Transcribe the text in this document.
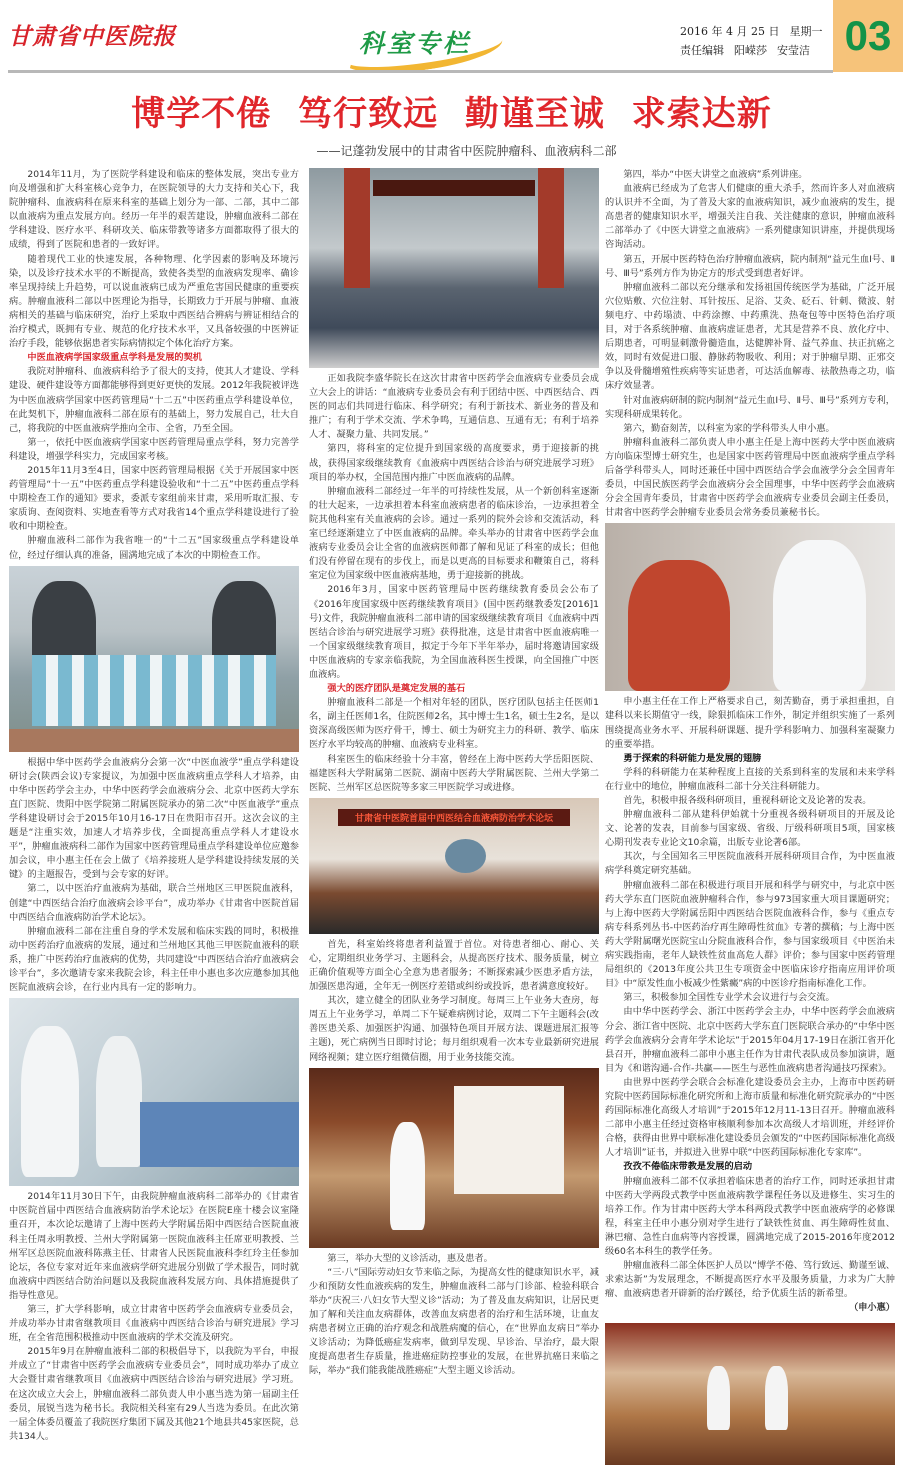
甘肃省中医院报	科室专栏	2016 年 4 月 25 日 星期一
责任编辑 阳嵘莎 安莹洁 03
博学不倦 笃行致远 勤谨至诚 求索达新
——记蓬勃发展中的甘肃省中医院肿瘤科、血液病科二部

2014年11月，为了医院学科建设和临床的整体发展，突出专业方向及增强和扩大科室核心竞争力，在医院领导的大力支持和关心下，我院肿瘤科、血液病科在原来科室的基础上划分为一部、二部，其中二部以血液病为重点发展方向。经历一年半的艰苦建设，肿瘤血液科二部在学科建设、医疗水平、科研攻关、临床带教等诸多方面都取得了很大的成绩，得到了医院和患者的一致好评。

随着现代工业的快速发展，各种物理、化学因素的影响及环境污染，以及诊疗技术水平的不断提高，致使各类型的血液病发现率、确诊率呈现持续上升趋势，可以说血液病已成为严重危害国民健康的重要疾病。肿瘤血液科二部以中医理论为指导，长期致力于开展与肿瘤、血液病相关的基础与临床研究，治疗上采取中西医结合辨病与辨证相结合的治疗模式，既拥有专业、规范的化疗技术水平，又具备较强的中医辨证治疗手段，能够依据患者实际病情拟定个体化治疗方案。

中医血液病学国家级重点学科是发展的契机

我院对肿瘤科、血液病科给予了很大的支持，使其人才建设、学科建设、硬件建设等方面都能够得到更好更快的发展。2012年我院被评选为中医血液病学国家中医药管理局“十二五”中医药重点学科建设单位，在此契机下，肿瘤血液科二部在原有的基础上，努力发展自己，壮大自己，将我院的中医血液病学推向全市、全省，乃至全国。

第一，依托中医血液病学国家中医药管理局重点学科，努力完善学科建设，增强学科实力，完成国家考核。

2015年11月3至4日，国家中医药管理局根据《关于开展国家中医药管理局“十一五”中医药重点学科建设验收和“十二五”中医药重点学科中期检查工作的通知》要求，委派专家组前来甘肃，采用听取汇报、专家质询、查阅资料、实地查看等方式对我省14个重点学科建设进行了验收和中期检查。

肿瘤血液科二部作为我省唯一的“十二五”国家级重点学科建设单位，经过仔细认真的准备，圆满地完成了本次的中期检查工作。

根据中华中医药学会血液病分会第一次“中医血液学”重点学科建设研讨会(陕西会议)专家提议，为加强中医血液病重点学科人才培养，由中华中医药学会主办，中华中医药学会血液病分会、北京中医药大学东直门医院、贵阳中医学院第二附属医院承办的第二次“中医血液学”重点学科建设研讨会于2015年10月16-17日在贵阳市召开。这次会议的主题是“注重实效，加速人才培养步伐，全面提高重点学科人才建设水平”，肿瘤血液病科二部作为国家中医药管理局重点学科建设单位应邀参加会议，申小惠主任在会上做了《培养接班人是学科建设持续发展的关键》的主题报告，受到与会专家的好评。

第二，以中医治疗血液病为基础，联合兰州地区三甲医院血液科，创建“中西医结合治疗血液病会诊平台”，成功举办《甘肃省中医院首届中西医结合血液病防治学术论坛》。

肿瘤血液科二部在注重自身的学术发展和临床实践的同时，积极推动中医药治疗血液病的发展，通过和兰州地区其他三甲医院血液科的联系，推广中医药治疗血液病的优势，共同建设“中西医结合治疗血液病会诊平台”，多次邀请专家来我院会诊，科主任申小惠也多次应邀参加其他医院血液病会诊，在行业内具有一定的影响力。

2014年11月30日下午，由我院肿瘤血液病科二部举办的《甘肃省中医院首届中西医结合血液病防治学术论坛》在医院E座十楼会议室隆重召开，本次论坛邀请了上海中医药大学附属岳阳中西医结合医院血液科主任周永明教授、兰州大学附属第一医院血液科主任席亚明教授、兰州军区总医院血液科陈燕主任、甘肃省人民医院血液科李红玲主任参加论坛，各位专家对近年来血液病学研究进展分别做了学术报告，同时就血液病中西医结合防治问题以及我院血液科发展方向、具体措施提供了指导性意见。

第三，扩大学科影响，成立甘肃省中医药学会血液病专业委员会，并成功举办甘肃省继教项目《血液病中西医结合诊治与研究进展》学习班，在全省范围积极推动中医血液病的学术交流及研究。

2015年9月在肿瘤血液科二部的积极倡导下，以我院为平台，申报并成立了“甘肃省中医药学会血液病专业委员会”，同时成功举办了成立大会暨甘肃省继教项目《血液病中西医结合诊治与研究进展》学习班。在这次成立大会上，肿瘤血液科二部负责人申小惠当选为第一届副主任委员，展锐当选为秘书长。我院相关科室有29人当选为委员。在此次第一届全体委员覆盖了我院医疗集团下属及其他21个地县共45家医院，总共134人。

正如我院李盛华院长在这次甘肃省中医药学会血液病专业委员会成立大会上的讲话：“血液病专业委员会有利于团结中医、中西医结合、西医的同志们共同进行临床、科学研究；有利于新技术、新业务的普及和推广；有利于学术交流、学术争鸣，互通信息、互通有无；有利于培养人才、凝聚力量、共同发展。”

第四，将科室的定位提升到国家级的高度要求，勇于迎接新的挑战，获得国家级继续教育《血液病中西医结合诊治与研究进展学习班》项目的举办权，全国范围内推广中医血液病的品牌。

肿瘤血液科二部经过一年半的可持续性发展，从一个新创科室逐渐的壮大起来，一边承担着本科室血液病患者的临床诊治，一边承担着全院其他科室有关血液病的会诊。通过一系列的院外会诊和交流活动，科室已经逐渐建立了中医血液病的品牌。牵头举办的甘肃省中医药学会血液病专业委员会让全省的血液病医师都了解和见证了科室的成长；但他们没有停留在现有的步伐上，而是以更高的目标要求和鞭策自己，将科室定位为国家级中医血液病基地，勇于迎接新的挑战。

2016年3月，国家中医药管理局中医药继续教育委员会公布了《2016年度国家级中医药继续教育项目》(国中医药继教委发[2016]1号)文件，我院肿瘤血液科二部申请的国家级继续教育项目《血液病中西医结合诊治与研究进展学习班》获得批准，这是甘肃省中医血液病唯一一个国家级继续教育项目，拟定于今年下半年举办，届时将邀请国家级中医血液病的专家亲临我院，为全国血液科医生授课，向全国推广中医血液病。

强大的医疗团队是奠定发展的基石

肿瘤血液科二部是一个相对年轻的团队，医疗团队包括主任医师1名，副主任医师1名，住院医师2名，其中博士生1名，硕士生2名，是以资深高级医师为医疗骨干，博士、硕士为研究主力的科研、教学、临床医疗水平均较高的肿瘤、血液病专业科室。

科室医生的临床经验十分丰富，曾经在上海中医药大学岳阳医院、福建医科大学附属第二医院、湖南中医药大学附属医院、兰州大学第二医院、兰州军区总医院等多家三甲医院学习或进修。

甘肃省中医院首届中西医结合血液病防治学术论坛

首先，科室始终将患者利益置于首位。对待患者细心、耐心、关心，定期组织业务学习、主题科会，从提高医疗技术、服务质量，树立正确价值观等方面全心全意为患者服务；不断探索减少医患矛盾方法，加强医患沟通，全年无一例医疗差错或纠纷或投诉，患者满意度较好。

其次，建立健全的团队业务学习制度。每周三上午业务大查房，每周五上午业务学习，单周二下午疑难病例讨论，双周二下午主题科会(改善医患关系、加强医护沟通、加强特色项目开展方法、课题进展汇报等主题)，死亡病例当日即时讨论；每月组织观看一次本专业最新研究进展网络视频；建立医疗组微信圈，用于业务技能交流。

第三，举办大型的义诊活动，惠及患者。

“三·八”国际劳动妇女节来临之际，为提高女性的健康知识水平，减少和预防女性血液疾病的发生，肿瘤血液科二部与门诊部、检验科联合举办“庆祝三·八妇女节大型义诊”活动；为了普及血友病知识，让居民更加了解和关注血友病群体，改善血友病患者的治疗和生活环境，让血友病患者树立正确的治疗观念和战胜病魔的信心，在“世界血友病日”举办义诊活动；为降低癌症发病率，做到早发现、早诊治、早治疗，最大限度提高患者生存质量，推进癌症防控事业的发展，在世界抗癌日来临之际，举办“我们能我能战胜癌症”大型主题义诊活动。

第四，举办“中医大讲堂之血液病”系列讲座。

血液病已经成为了危害人们健康的重大杀手，然而许多人对血液病的认识并不全面，为了普及大家的血液病知识，减少血液病的发生，提高患者的健康知识水平，增强关注自我、关注健康的意识，肿瘤血液科二部举办了《中医大讲堂之血液病》一系列健康知识讲座，并提供现场咨询活动。

第五，开展中医药特色治疗肿瘤血液病，院内制剂“益元生血Ⅰ号、Ⅱ号、Ⅲ号”系列方作为协定方的形式受到患者好评。

肿瘤血液科二部以充分继承和发扬祖国传统医学为基础，广泛开展穴位贴敷、穴位注射、耳针按压、足浴、艾灸、砭石、针刺、微波、射频电疗、中药塌渍、中药涂擦、中药熏洗、热奄包等中医特色治疗项目，对于各系统肿瘤、血液病虚证患者，尤其是营养不良、放化疗中、后期患者，可明显刺激骨髓造血，达健脾补肾、益气养血、扶正抗癌之效，同时有效促进口服、静脉药物吸收、利用；对于肿瘤早期、正邪交争以及骨髓增殖性疾病等实证患者，可达活血解毒、祛散热毒之功，临床疗效显著。

针对血液病研制的院内制剂“益元生血Ⅰ号、Ⅱ号、Ⅲ号”系列方专利，实现科研成果转化。

第六，勤奋刻苦，以科室为家的学科带头人申小惠。

肿瘤科血液科二部负责人申小惠主任是上海中医药大学中医血液病方向临床型博士研究生，也是国家中医药管理局中医血液病学重点学科后备学科带头人，同时还兼任中国中西医结合学会血液学分会全国青年委员，中国民族医药学会血液病分会全国理事，中华中医药学会血液病分会全国青年委员，甘肃省中医药学会血液病专业委员会副主任委员，甘肃省中医药学会肿瘤专业委员会常务委员兼秘书长。

申小惠主任在工作上严格要求自己，刻苦勤奋，勇于承担重担，自建科以来长期值守一线，除狠抓临床工作外，制定并组织实施了一系列围绕提高业务水平、开展科研课题、提升学科影响力、加强科室凝聚力的重要举措。

勇于探索的科研能力是发展的翅膀

学科的科研能力在某种程度上直接的关系到科室的发展和未来学科在行业中的地位，肿瘤血液科二部十分关注科研能力。

首先，积极申报各级科研项目，重视科研论文及论著的发表。

肿瘤血液科二部从建科伊始就十分重视各级科研项目的开展及论文、论著的发表，目前参与国家级、省级、厅级科研项目5项，国家核心期刊发表专业论文10余篇，出版专业论著6部。

其次，与全国知名三甲医院血液科开展科研项目合作，为中医血液病学科奠定研究基础。

肿瘤血液科二部在积极进行项目开展和科学与研究中，与北京中医药大学东直门医院血液肿瘤科合作，参与973国家重大项目课题研究；与上海中医药大学附属岳阳中西医结合医院血液科合作，参与《重点专病专科系列丛书-中医药治疗再生障碍性贫血》专著的撰稿；与上海中医药大学附属曙光医院宝山分院血液科合作，参与国家级项目《中医治未病实践指南，老年人缺铁性贫血高危人群》评价；参与国家中医药管理局组织的《2013年度公共卫生专项资金中医临床诊疗指南应用评价项目》中“原发性血小板减少性紫癜”病的中医诊疗指南标准化工作。

第三，积极参加全国性专业学术会议进行与会交流。

由中华中医药学会、浙江中医药学会主办，中华中医药学会血液病分会、浙江省中医院、北京中医药大学东直门医院联合承办的“中华中医药学会血液病分会青年学术论坛”于2015年04月17-19日在浙江省开化县召开，肿瘤血液科二部申小惠主任作为甘肃代表队成员参加演讲，题目为《和谐沟通-合作-共赢——医生与恶性血液病患者沟通技巧探索》。

由世界中医药学会联合会标准化建设委员会主办，上海市中医药研究院中医药国际标准化研究所和上海市质量和标准化研究院承办的“中医药国际标准化高级人才培训”于2015年12月11-13日召开。肿瘤血液科二部申小惠主任经过资格审核顺利参加本次高级人才培训班，并经评价合格，获得由世界中联标准化建设委员会颁发的“中医药国际标准化高级人才培训”证书，并拟进入世界中联“中医药国际标准化专家库”。

孜孜不倦临床带教是发展的启动

肿瘤血液科二部不仅承担着临床患者的治疗工作，同时还承担甘肃中医药大学两段式教学中医血液病教学课程任务以及进修生、实习生的培养工作。作为甘肃中医药大学本科两段式教学中医血液病学的必修课程，科室主任申小惠分别对学生进行了缺铁性贫血、再生障碍性贫血、淋巴瘤、急性白血病等内容授课，圆满地完成了2015-2016年度2012级60名本科生的教学任务。

肿瘤血液科二部全体医护人员以“博学不倦、笃行致远、勤谨至诚、求索达新”为发展理念，不断提高医疗水平及服务质量，力求为广大肿瘤、血液病患者开辟新的治疗蹊径，给予优质生活的新希望。

（申小惠）
